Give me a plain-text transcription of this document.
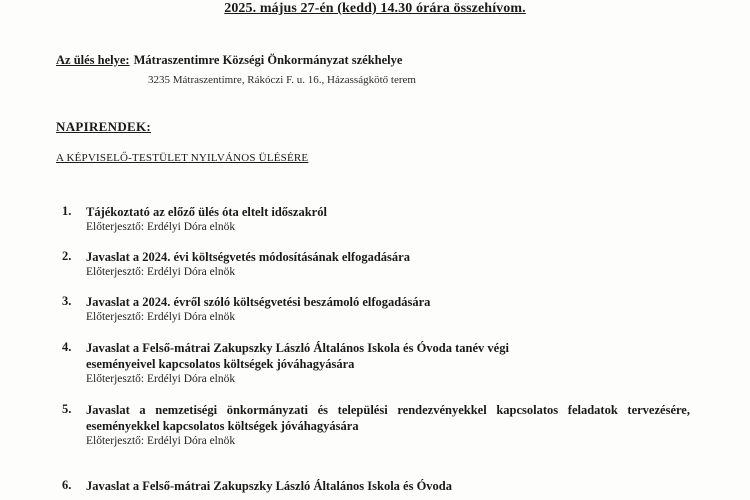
2025. május 27-én (kedd) 14.30 órára összehívom.
Az ülés helye: Mátraszentimre Községi Önkormányzat székhelye
3235 Mátraszentimre, Rákóczi F. u. 16., Házasságkötő terem
NAPIRENDEK:
A KÉPVISELŐ-TESTÜLET NYILVÁNOS ÜLÉSÉRE
1. Tájékoztató az előző ülés óta eltelt időszakról
Előterjesztő: Erdélyi Dóra elnök
2. Javaslat a 2024. évi költségvetés módosításának elfogadására
Előterjesztő: Erdélyi Dóra elnök
3. Javaslat a 2024. évről szóló költségvetési beszámoló elfogadására
Előterjesztő: Erdélyi Dóra elnök
4. Javaslat a Felső-mátrai Zakupszky László Általános Iskola és Óvoda tanév végi eseményeivel kapcsolatos költségek jóváhagyására
Előterjesztő: Erdélyi Dóra elnök
5. Javaslat a nemzetiségi önkormányzati és települési rendezvényekkel kapcsolatos feladatok tervezésére, eseményekkel kapcsolatos költségek jóváhagyására
Előterjesztő: Erdélyi Dóra elnök
6. Javaslat a Felső-mátrai Zakupszky László Általános Iskola és Óvoda
